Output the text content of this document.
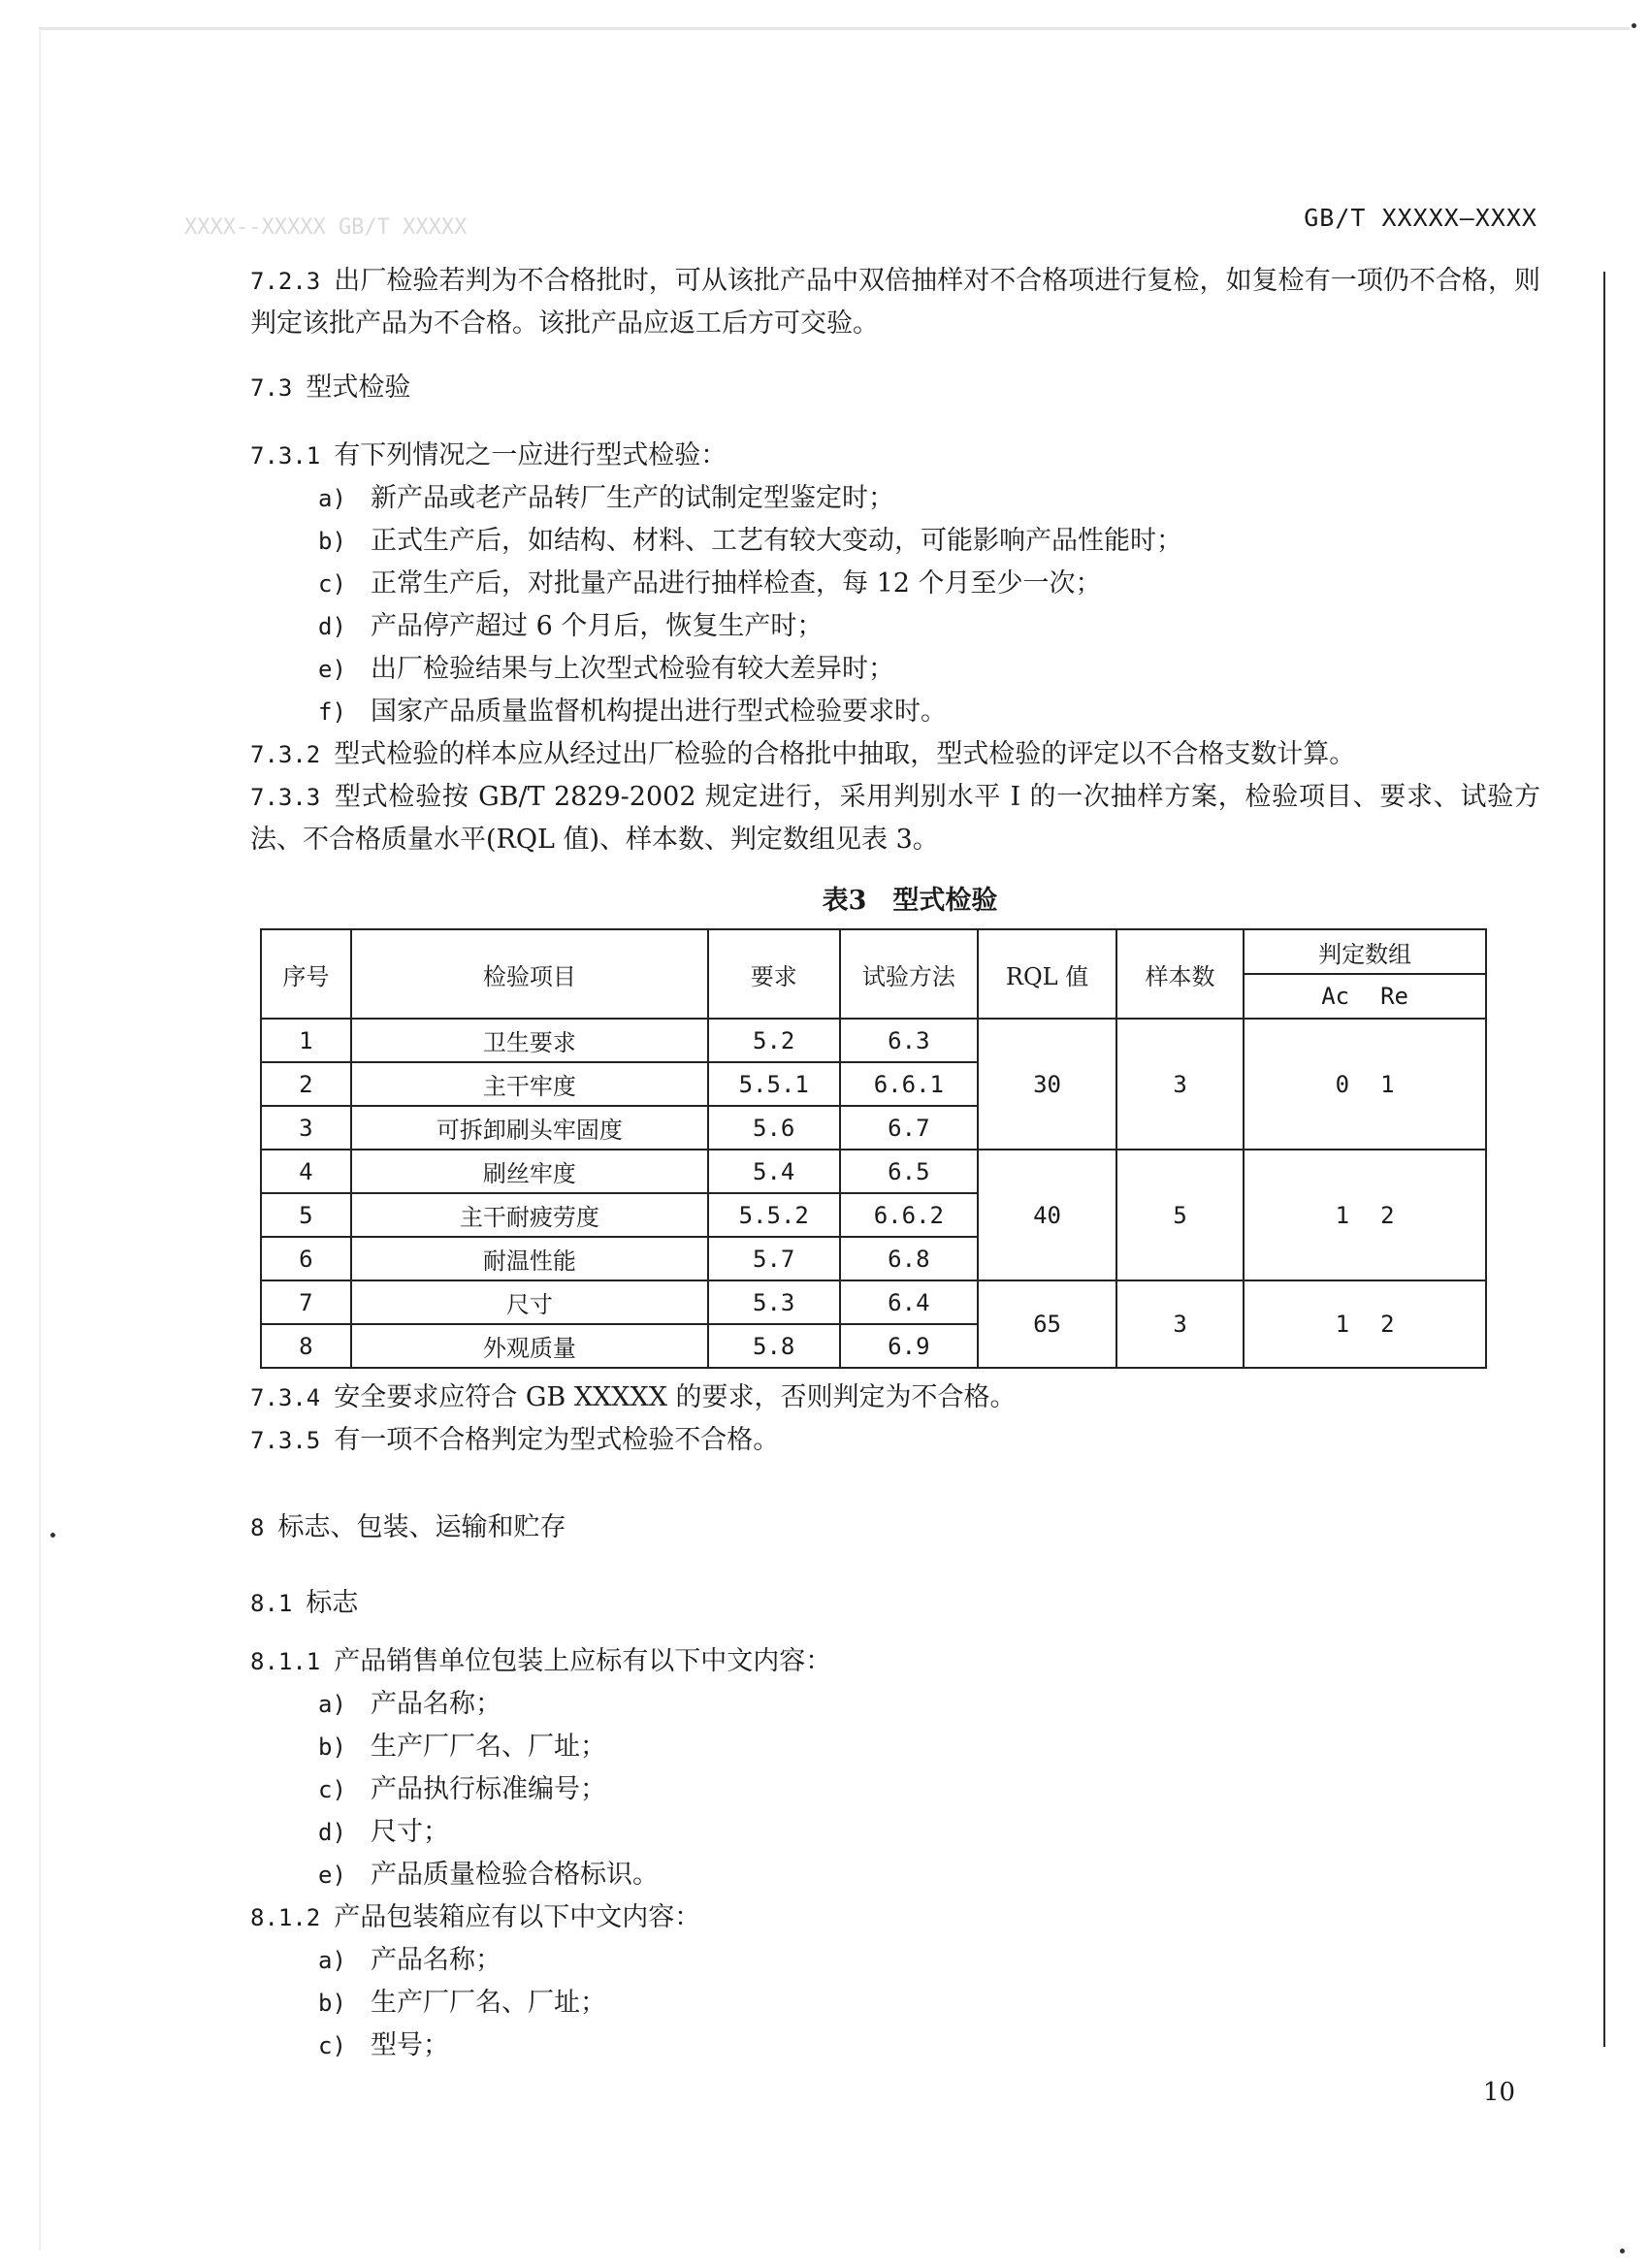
XXXX--XXXXX GB/T XXXXX	GB/T XXXXX—XXXX

7.2.3 出厂检验若判为不合格批时，可从该批产品中双倍抽样对不合格项进行复检，如复检有一项仍不合格，则判定该批产品为不合格。该批产品应返工后方可交验。

7.3 型式检验

7.3.1 有下列情况之一应进行型式检验：

a) 新产品或老产品转厂生产的试制定型鉴定时；
b) 正式生产后，如结构、材料、工艺有较大变动，可能影响产品性能时；
c) 正常生产后，对批量产品进行抽样检查，每 12 个月至少一次；
d) 产品停产超过 6 个月后，恢复生产时；
e) 出厂检验结果与上次型式检验有较大差异时；
f) 国家产品质量监督机构提出进行型式检验要求时。

7.3.2 型式检验的样本应从经过出厂检验的合格批中抽取，型式检验的评定以不合格支数计算。

7.3.3 型式检验按 GB/T 2829-2002 规定进行，采用判别水平 I 的一次抽样方案，检验项目、要求、试验方法、不合格质量水平(RQL 值)、样本数、判定数组见表 3。

表3　型式检验
序号	检验项目	要求	试验方法	RQL 值	样本数	判定数组

						Ac Re

1	卫生要求	5.2	6.3	30	3	0 1

2	主干牢度	5.5.1	6.6.1			
3	可拆卸刷头牢固度	5.6	6.7			
4	刷丝牢度	5.4	6.5	40	5	1 2

5	主干耐疲劳度	5.5.2	6.6.2			
6	耐温性能	5.7	6.8			
7	尺寸	5.3	6.4	65	3	1 2

8	外观质量	5.8	6.9			

7.3.4 安全要求应符合 GB XXXXX 的要求，否则判定为不合格。

7.3.5 有一项不合格判定为型式检验不合格。

8 标志、包装、运输和贮存
8.1 标志

8.1.1 产品销售单位包装上应标有以下中文内容：

a) 产品名称；
b) 生产厂厂名、厂址；
c) 产品执行标准编号；
d) 尺寸；
e) 产品质量检验合格标识。

8.1.2 产品包装箱应有以下中文内容：

a) 产品名称；
b) 生产厂厂名、厂址；
c) 型号；
10
